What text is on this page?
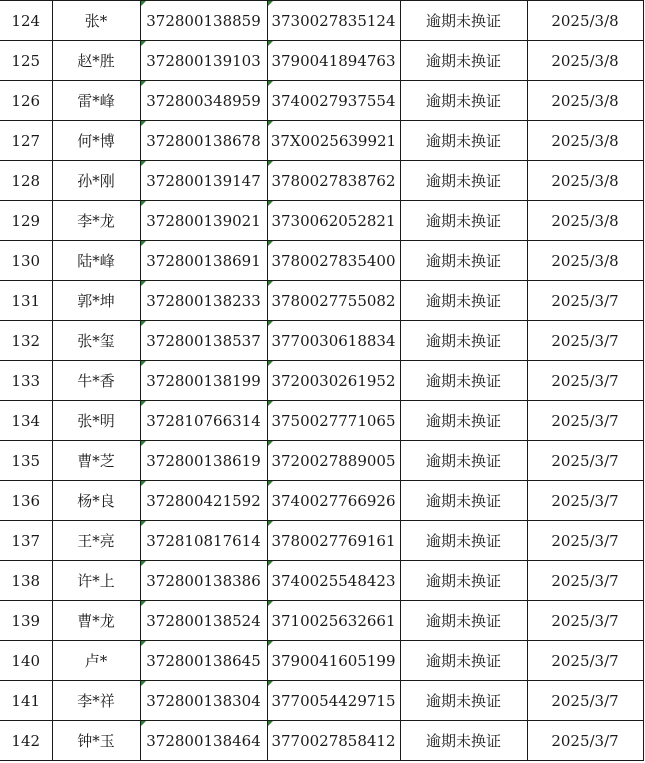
124	张*	372800138859	3730027835124	逾期未换证	2025/3/8
125	赵*胜	372800139103	3790041894763	逾期未换证	2025/3/8
126	雷*峰	372800348959	3740027937554	逾期未换证	2025/3/8
127	何*博	372800138678	37X0025639921	逾期未换证	2025/3/8
128	孙*刚	372800139147	3780027838762	逾期未换证	2025/3/8
129	李*龙	372800139021	3730062052821	逾期未换证	2025/3/8
130	陆*峰	372800138691	3780027835400	逾期未换证	2025/3/8
131	郭*坤	372800138233	3780027755082	逾期未换证	2025/3/7
132	张*玺	372800138537	3770030618834	逾期未换证	2025/3/7
133	牛*香	372800138199	3720030261952	逾期未换证	2025/3/7
134	张*明	372810766314	3750027771065	逾期未换证	2025/3/7
135	曹*芝	372800138619	3720027889005	逾期未换证	2025/3/7
136	杨*良	372800421592	3740027766926	逾期未换证	2025/3/7
137	王*亮	372810817614	3780027769161	逾期未换证	2025/3/7
138	许*上	372800138386	3740025548423	逾期未换证	2025/3/7
139	曹*龙	372800138524	3710025632661	逾期未换证	2025/3/7
140	卢*	372800138645	3790041605199	逾期未换证	2025/3/7
141	李*祥	372800138304	3770054429715	逾期未换证	2025/3/7
142	钟*玉	372800138464	3770027858412	逾期未换证	2025/3/7
